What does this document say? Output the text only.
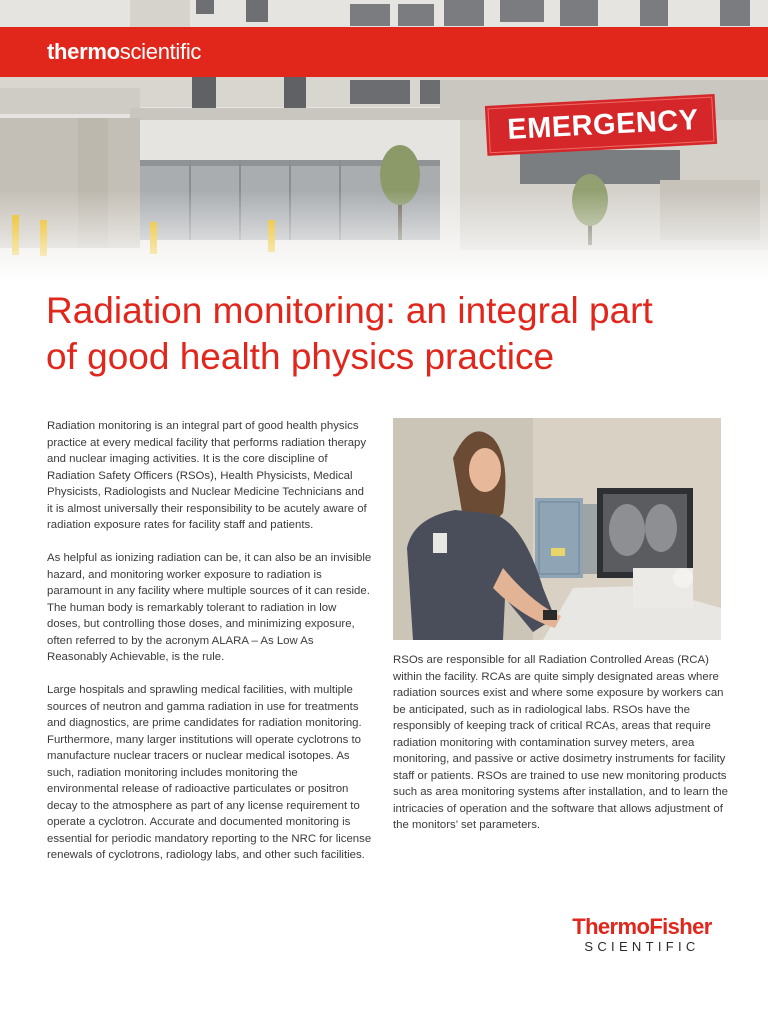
EMERGENCY
thermoscientific
Radiation monitoring: an integral part
of good health physics practice

Radiation monitoring is an integral part of good health physics practice at every medical facility that performs radiation therapy and nuclear imaging activities. It is the core discipline of Radiation Safety Officers (RSOs), Health Physicists, Medical Physicists, Radiologists and Nuclear Medicine Technicians and it is almost universally their responsibility to be acutely aware of radiation exposure rates for facility staff and patients.

As helpful as ionizing radiation can be, it can also be an invisible hazard, and monitoring worker exposure to radiation is paramount in any facility where multiple sources of it can reside. The human body is remarkably tolerant to radiation in low doses, but controlling those doses, and minimizing exposure, often referred to by the acronym ALARA – As Low As Reasonably Achievable, is the rule.

Large hospitals and sprawling medical facilities, with multiple sources of neutron and gamma radiation in use for treatments and diagnostics, are prime candidates for radiation monitoring. Furthermore, many larger institutions will operate cyclotrons to manufacture nuclear tracers or nuclear medical isotopes. As such, radiation monitoring includes monitoring the environmental release of radioactive particulates or positron decay to the atmosphere as part of any license requirement to operate a cyclotron. Accurate and documented monitoring is essential for periodic mandatory reporting to the NRC for license renewals of cyclotrons, radiology labs, and other such facilities.

RSOs are responsible for all Radiation Controlled Areas (RCA) within the facility. RCAs are quite simply designated areas where radiation sources exist and where some exposure by workers can be anticipated, such as in radiological labs. RSOs have the responsibly of keeping track of critical RCAs, areas that require radiation monitoring with contamination survey meters, area monitoring, and passive or active dosimetry instruments for facility staff or patients. RSOs are trained to use new monitoring products such as area monitoring systems after installation, and to learn the intricacies of operation and the software that allows adjustment of the monitors’ set parameters.

ThermoFisher
SCIENTIFIC
